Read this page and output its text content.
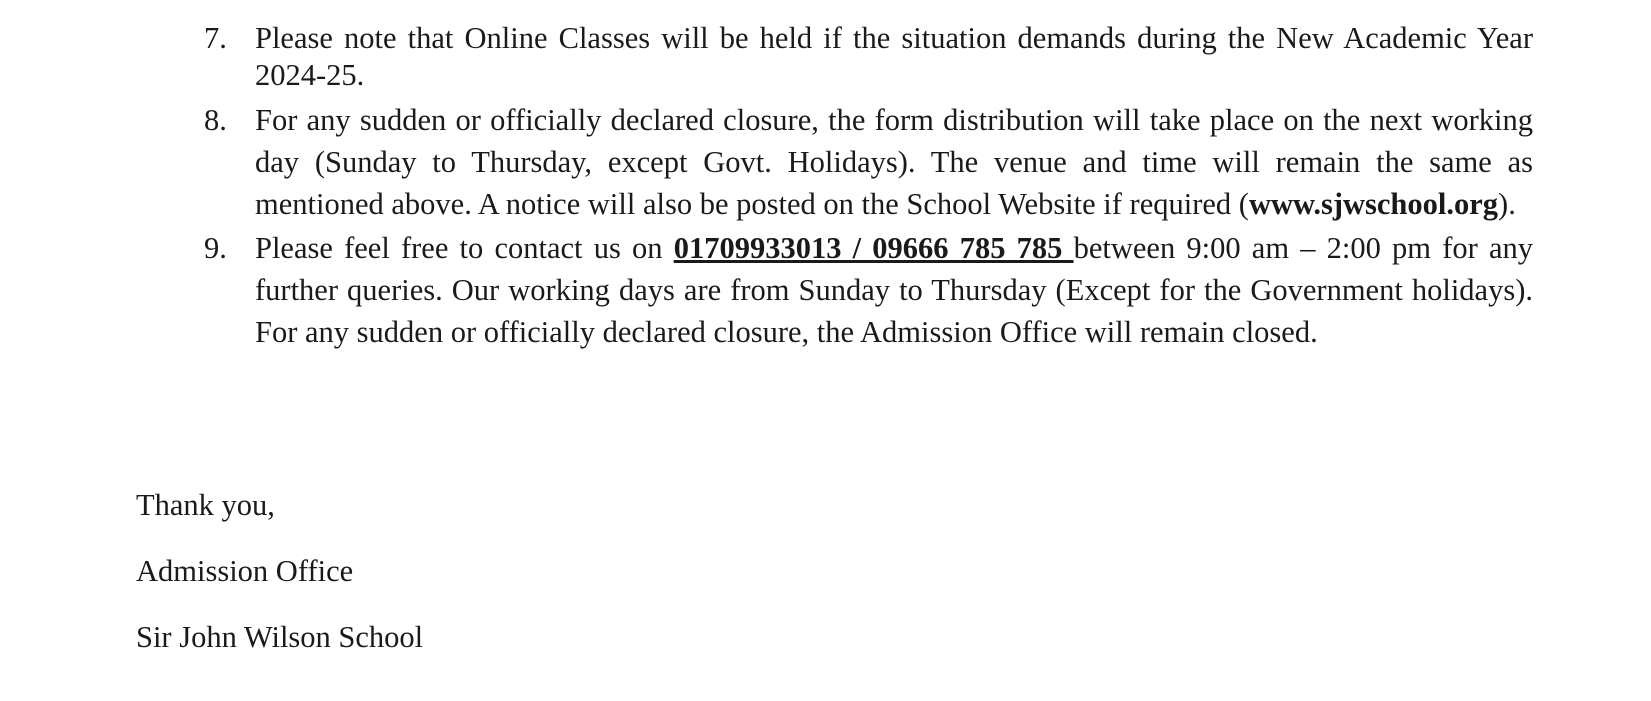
7. Please note that Online Classes will be held if the situation demands during the New Academic Year 2024-25.
8. For any sudden or officially declared closure, the form distribution will take place on the next working day (Sunday to Thursday, except Govt. Holidays). The venue and time will remain the same as mentioned above. A notice will also be posted on the School Website if required (www.sjwschool.org).
9. Please feel free to contact us on 01709933013 / 09666 785 785 between 9:00 am – 2:00 pm for any further queries. Our working days are from Sunday to Thursday (Except for the Government holidays). For any sudden or officially declared closure, the Admission Office will remain closed.

Thank you,

Admission Office

Sir John Wilson School
